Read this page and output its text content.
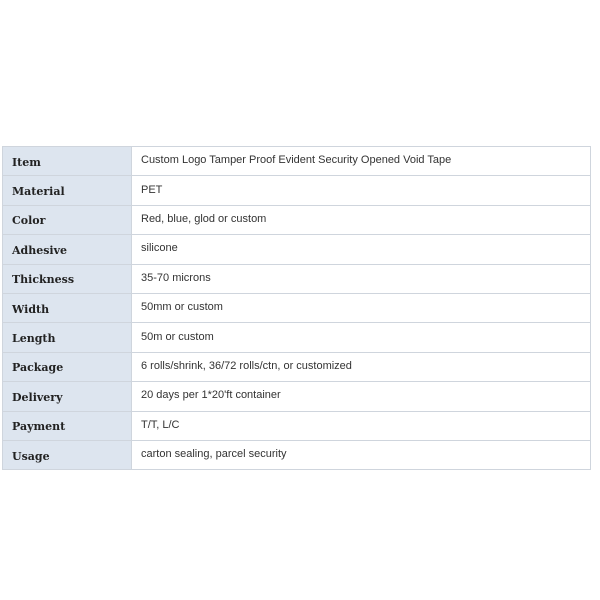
Item	Custom Logo Tamper Proof Evident Security Opened Void Tape
Material	PET
Color	Red, blue, glod or custom
Adhesive	silicone
Thickness	35-70 microns
Width	50mm or custom
Length	50m or custom
Package	6 rolls/shrink, 36/72 rolls/ctn, or customized
Delivery	20 days per 1*20'ft container
Payment	T/T, L/C
Usage	carton sealing, parcel security
